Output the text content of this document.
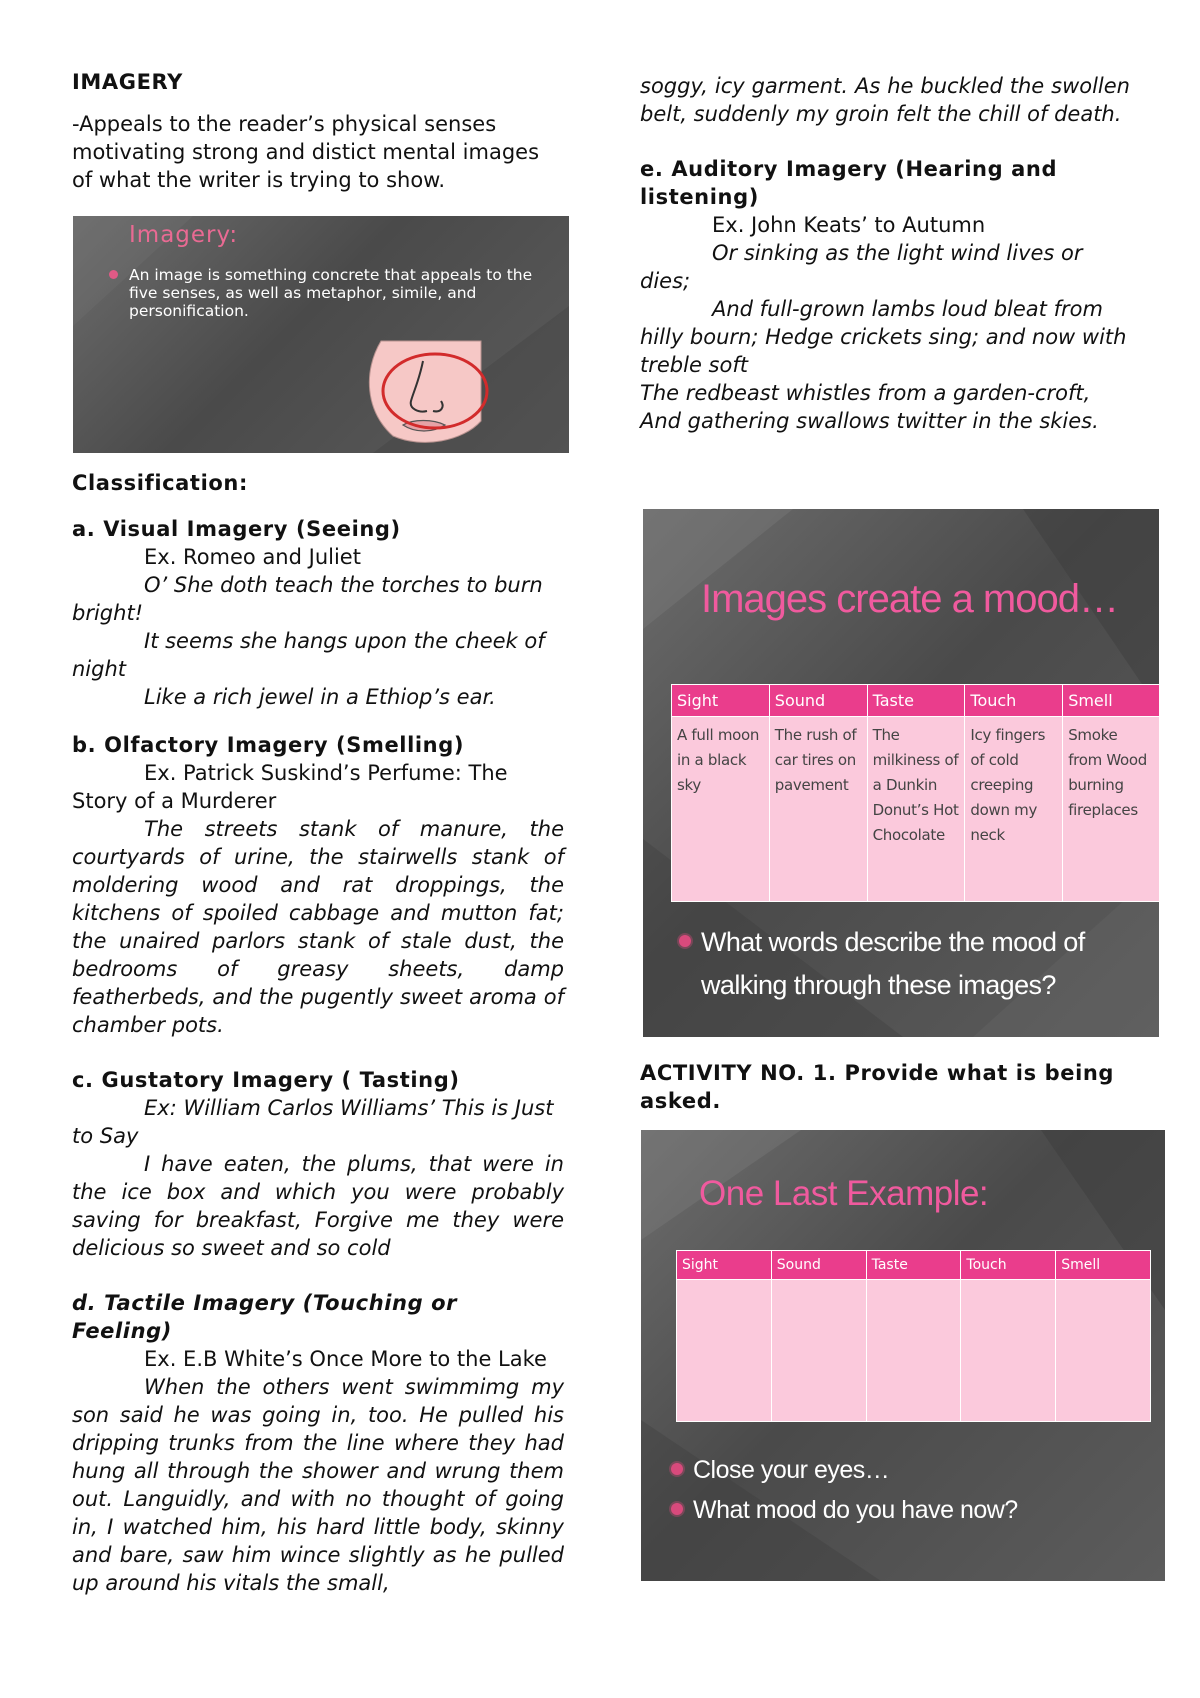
IMAGERY

-Appeals to the reader’s physical senses motivating strong and distict mental images of what the writer is trying to show.

Imagery:
An image is something concrete that appeals to the five senses, as well as metaphor, simile, and personification.

Classification:

a. Visual Imagery (Seeing)

Ex. Romeo and Juliet

O’ She doth teach the torches to burn bright!

It seems she hangs upon the cheek of night

Like a rich jewel in a Ethiop’s ear.

b. Olfactory Imagery (Smelling)

Ex. Patrick Suskind’s Perfume: The Story of a Murderer

The streets stank of manure, the courtyards of urine, the stairwells stank of moldering wood and rat droppings, the kitchens of spoiled cabbage and mutton fat; the unaired parlors stank of stale dust, the bedrooms of greasy sheets, damp featherbeds, and the pugently sweet aroma of chamber pots.

c. Gustatory Imagery ( Tasting)

Ex: William Carlos Williams’ This is Just to Say

I have eaten, the plums, that were in the ice box and which you were probably saving for breakfast, Forgive me they were delicious so sweet and so cold

d. Tactile Imagery (Touching or Feeling)

Ex. E.B White’s Once More to the Lake

When the others went swimmimg my son said he was going in, too. He pulled his dripping trunks from the line where they had hung all through the shower and wrung them out. Languidly, and with no thought of going in, I watched him, his hard little body, skinny and bare, saw him wince slightly as he pulled up around his vitals the small,

soggy, icy garment. As he buckled the swollen belt, suddenly my groin felt the chill of death.

e. Auditory Imagery (Hearing and listening)

Ex. John Keats’ to Autumn

Or sinking as the light wind lives or dies;

And full-grown lambs loud bleat from hilly bourn; Hedge crickets sing; and now with treble soft

The redbeast whistles from a garden-croft,

And gathering swallows twitter in the skies.

Images create a mood…
Sight	Sound	Taste	Touch	Smell
A full moon in a black sky	The rush of car tires on pavement	The milkiness of a Dunkin Donut’s Hot Chocolate	Icy fingers of cold creeping down my neck	Smoke from Wood burning fireplaces
What words describe the mood of walking through these images?

ACTIVITY NO. 1. Provide what is being asked.

One Last Example:
Sight	Sound	Taste	Touch	Smell

Close your eyes…
What mood do you have now?
